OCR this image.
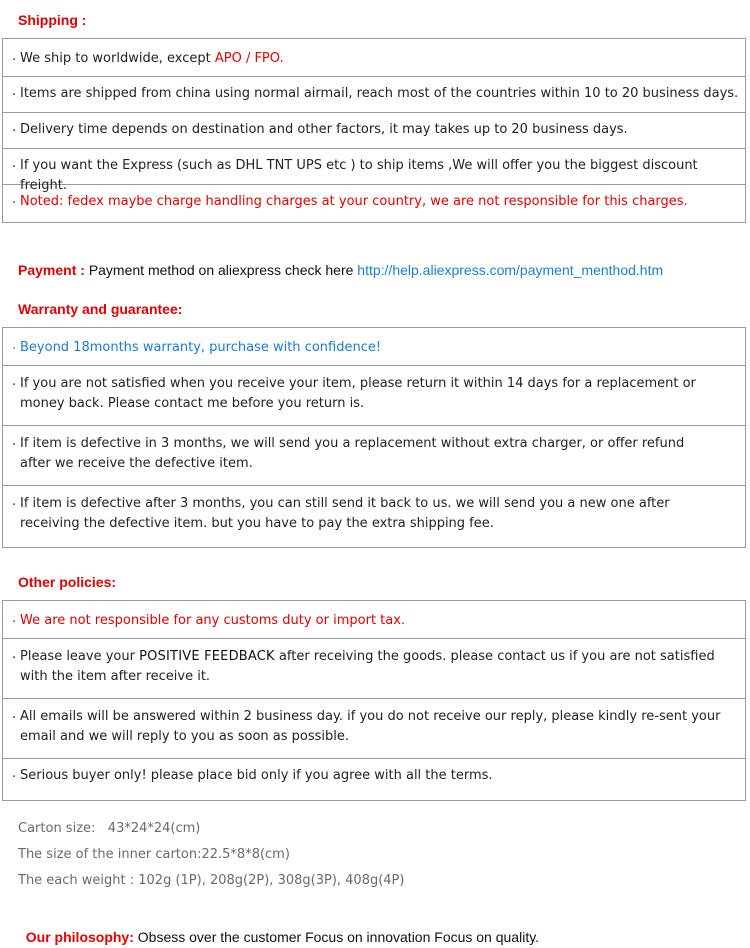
Shipping :
. We ship to worldwide, except APO / FPO.
. Items are shipped from china using normal airmail, reach most of the countries within 10 to 20 business days.
. Delivery time depends on destination and other factors, it may takes up to 20 business days.
. If you want the Express (such as DHL TNT UPS etc ) to ship items ,We will offer you the biggest discount freight.
. Noted: fedex maybe charge handling charges at your country, we are not responsible for this charges.
Payment : Payment method on aliexpress check here http://help.aliexpress.com/payment_menthod.htm
Warranty and guarantee:
. Beyond 18months warranty, purchase with confidence!
. If you are not satisfied when you receive your item, please return it within 14 days for a replacement or
money back. Please contact me before you return is.
. If item is defective in 3 months, we will send you a replacement without extra charger, or offer refund
after we receive the defective item.
. If item is defective after 3 months, you can still send it back to us. we will send you a new one after
receiving the defective item. but you have to pay the extra shipping fee.
Other policies:
. We are not responsible for any customs duty or import tax.
. Please leave your POSITIVE FEEDBACK after receiving the goods. please contact us if you are not satisfied
with the item after receive it.
. All emails will be answered within 2 business day. if you do not receive our reply, please kindly re-sent your
email and we will reply to you as soon as possible.
. Serious buyer only! please place bid only if you agree with all the terms.
Carton size:   43*24*24(cm)
The size of the inner carton:22.5*8*8(cm)
The each weight : 102g (1P), 208g(2P), 308g(3P), 408g(4P)

Our philosophy: Obsess over the customer Focus on innovation Focus on quality.
